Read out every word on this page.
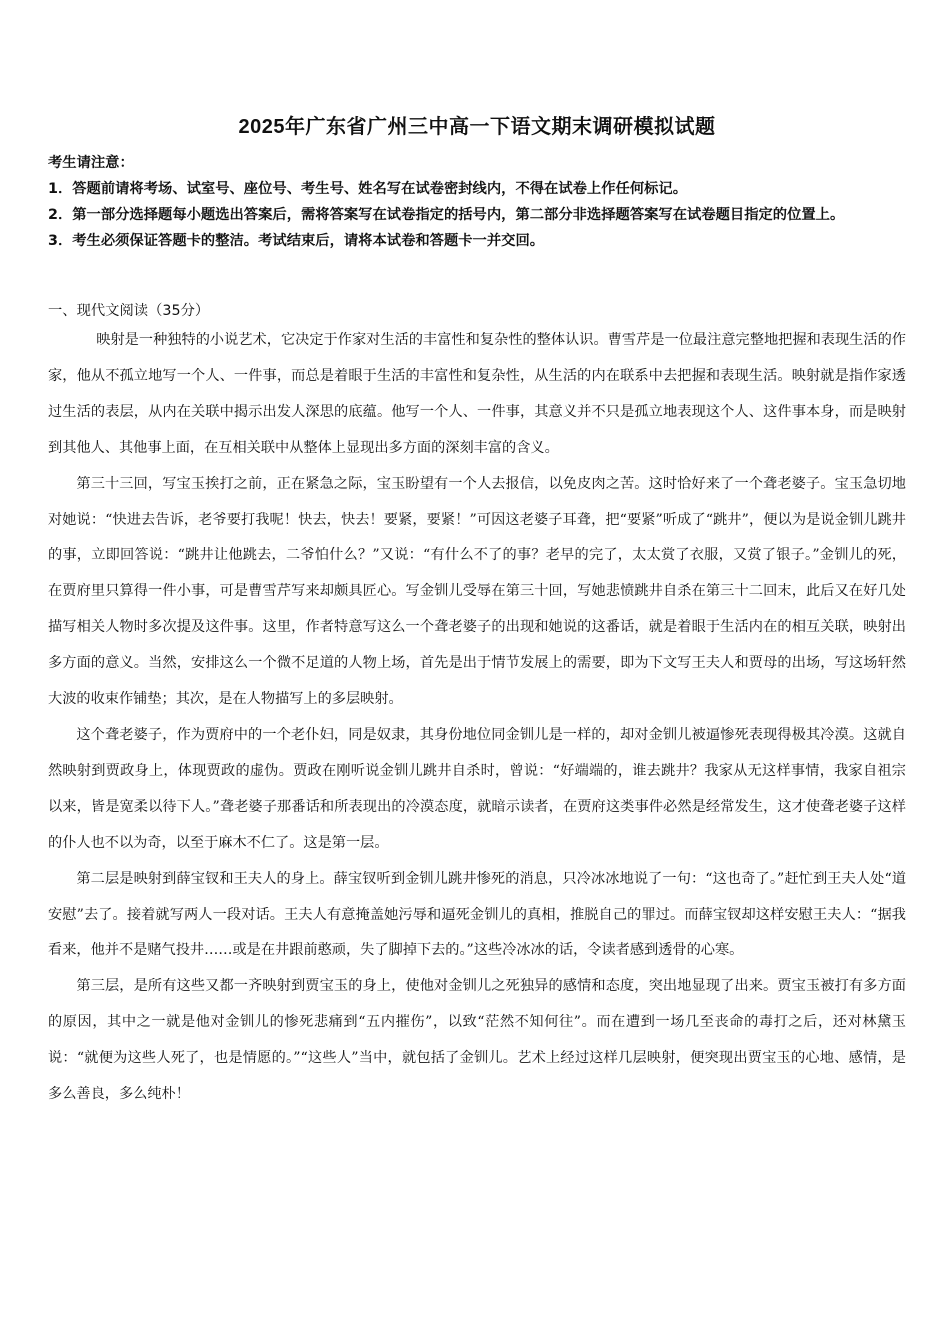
2025年广东省广州三中高一下语文期末调研模拟试题

考生请注意：

1．答题前请将考场、试室号、座位号、考生号、姓名写在试卷密封线内，不得在试卷上作任何标记。

2．第一部分选择题每小题选出答案后，需将答案写在试卷指定的括号内，第二部分非选择题答案写在试卷题目指定的位置上。

3．考生必须保证答题卡的整洁。考试结束后，请将本试卷和答题卡一并交回。

一、现代文阅读（35分）

映射是一种独特的小说艺术，它决定于作家对生活的丰富性和复杂性的整体认识。曹雪芹是一位最注意完整地把握和表现生活的作家，他从不孤立地写一个人、一件事，而总是着眼于生活的丰富性和复杂性，从生活的内在联系中去把握和表现生活。映射就是指作家透过生活的表层，从内在关联中揭示出发人深思的底蕴。他写一个人、一件事，其意义并不只是孤立地表现这个人、这件事本身，而是映射到其他人、其他事上面，在互相关联中从整体上显现出多方面的深刻丰富的含义。

第三十三回，写宝玉挨打之前，正在紧急之际，宝玉盼望有一个人去报信，以免皮肉之苦。这时恰好来了一个聋老婆子。宝玉急切地对她说：“快进去告诉，老爷要打我呢！快去，快去！要紧，要紧！”可因这老婆子耳聋，把“要紧”听成了“跳井”，便以为是说金钏儿跳井的事，立即回答说：“跳井让他跳去，二爷怕什么？”又说：“有什么不了的事？老早的完了，太太赏了衣服，又赏了银子。”金钏儿的死，在贾府里只算得一件小事，可是曹雪芹写来却颇具匠心。写金钏儿受辱在第三十回，写她悲愤跳井自杀在第三十二回末，此后又在好几处描写相关人物时多次提及这件事。这里，作者特意写这么一个聋老婆子的出现和她说的这番话，就是着眼于生活内在的相互关联，映射出多方面的意义。当然，安排这么一个微不足道的人物上场，首先是出于情节发展上的需要，即为下文写王夫人和贾母的出场，写这场轩然大波的收束作铺垫；其次，是在人物描写上的多层映射。

这个聋老婆子，作为贾府中的一个老仆妇，同是奴隶，其身份地位同金钏儿是一样的，却对金钏儿被逼惨死表现得极其冷漠。这就自然映射到贾政身上，体现贾政的虚伪。贾政在刚听说金钏儿跳井自杀时，曾说：“好端端的，谁去跳井？我家从无这样事情，我家自祖宗以来，皆是宽柔以待下人。”聋老婆子那番话和所表现出的冷漠态度，就暗示读者，在贾府这类事件必然是经常发生，这才使聋老婆子这样的仆人也不以为奇，以至于麻木不仁了。这是第一层。

第二层是映射到薛宝钗和王夫人的身上。薛宝钗听到金钏儿跳井惨死的消息，只冷冰冰地说了一句：“这也奇了。”赶忙到王夫人处“道安慰”去了。接着就写两人一段对话。王夫人有意掩盖她污辱和逼死金钏儿的真相，推脱自己的罪过。而薛宝钗却这样安慰王夫人：“据我看来，他并不是赌气投井……或是在井跟前憨顽，失了脚掉下去的。”这些冷冰冰的话，令读者感到透骨的心寒。

第三层，是所有这些又都一齐映射到贾宝玉的身上，使他对金钏儿之死独异的感情和态度，突出地显现了出来。贾宝玉被打有多方面的原因，其中之一就是他对金钏儿的惨死悲痛到“五内摧伤”，以致“茫然不知何往”。而在遭到一场几至丧命的毒打之后，还对林黛玉说：“就便为这些人死了，也是情愿的。”“这些人”当中，就包括了金钏儿。艺术上经过这样几层映射，便突现出贾宝玉的心地、感情，是多么善良，多么纯朴！
